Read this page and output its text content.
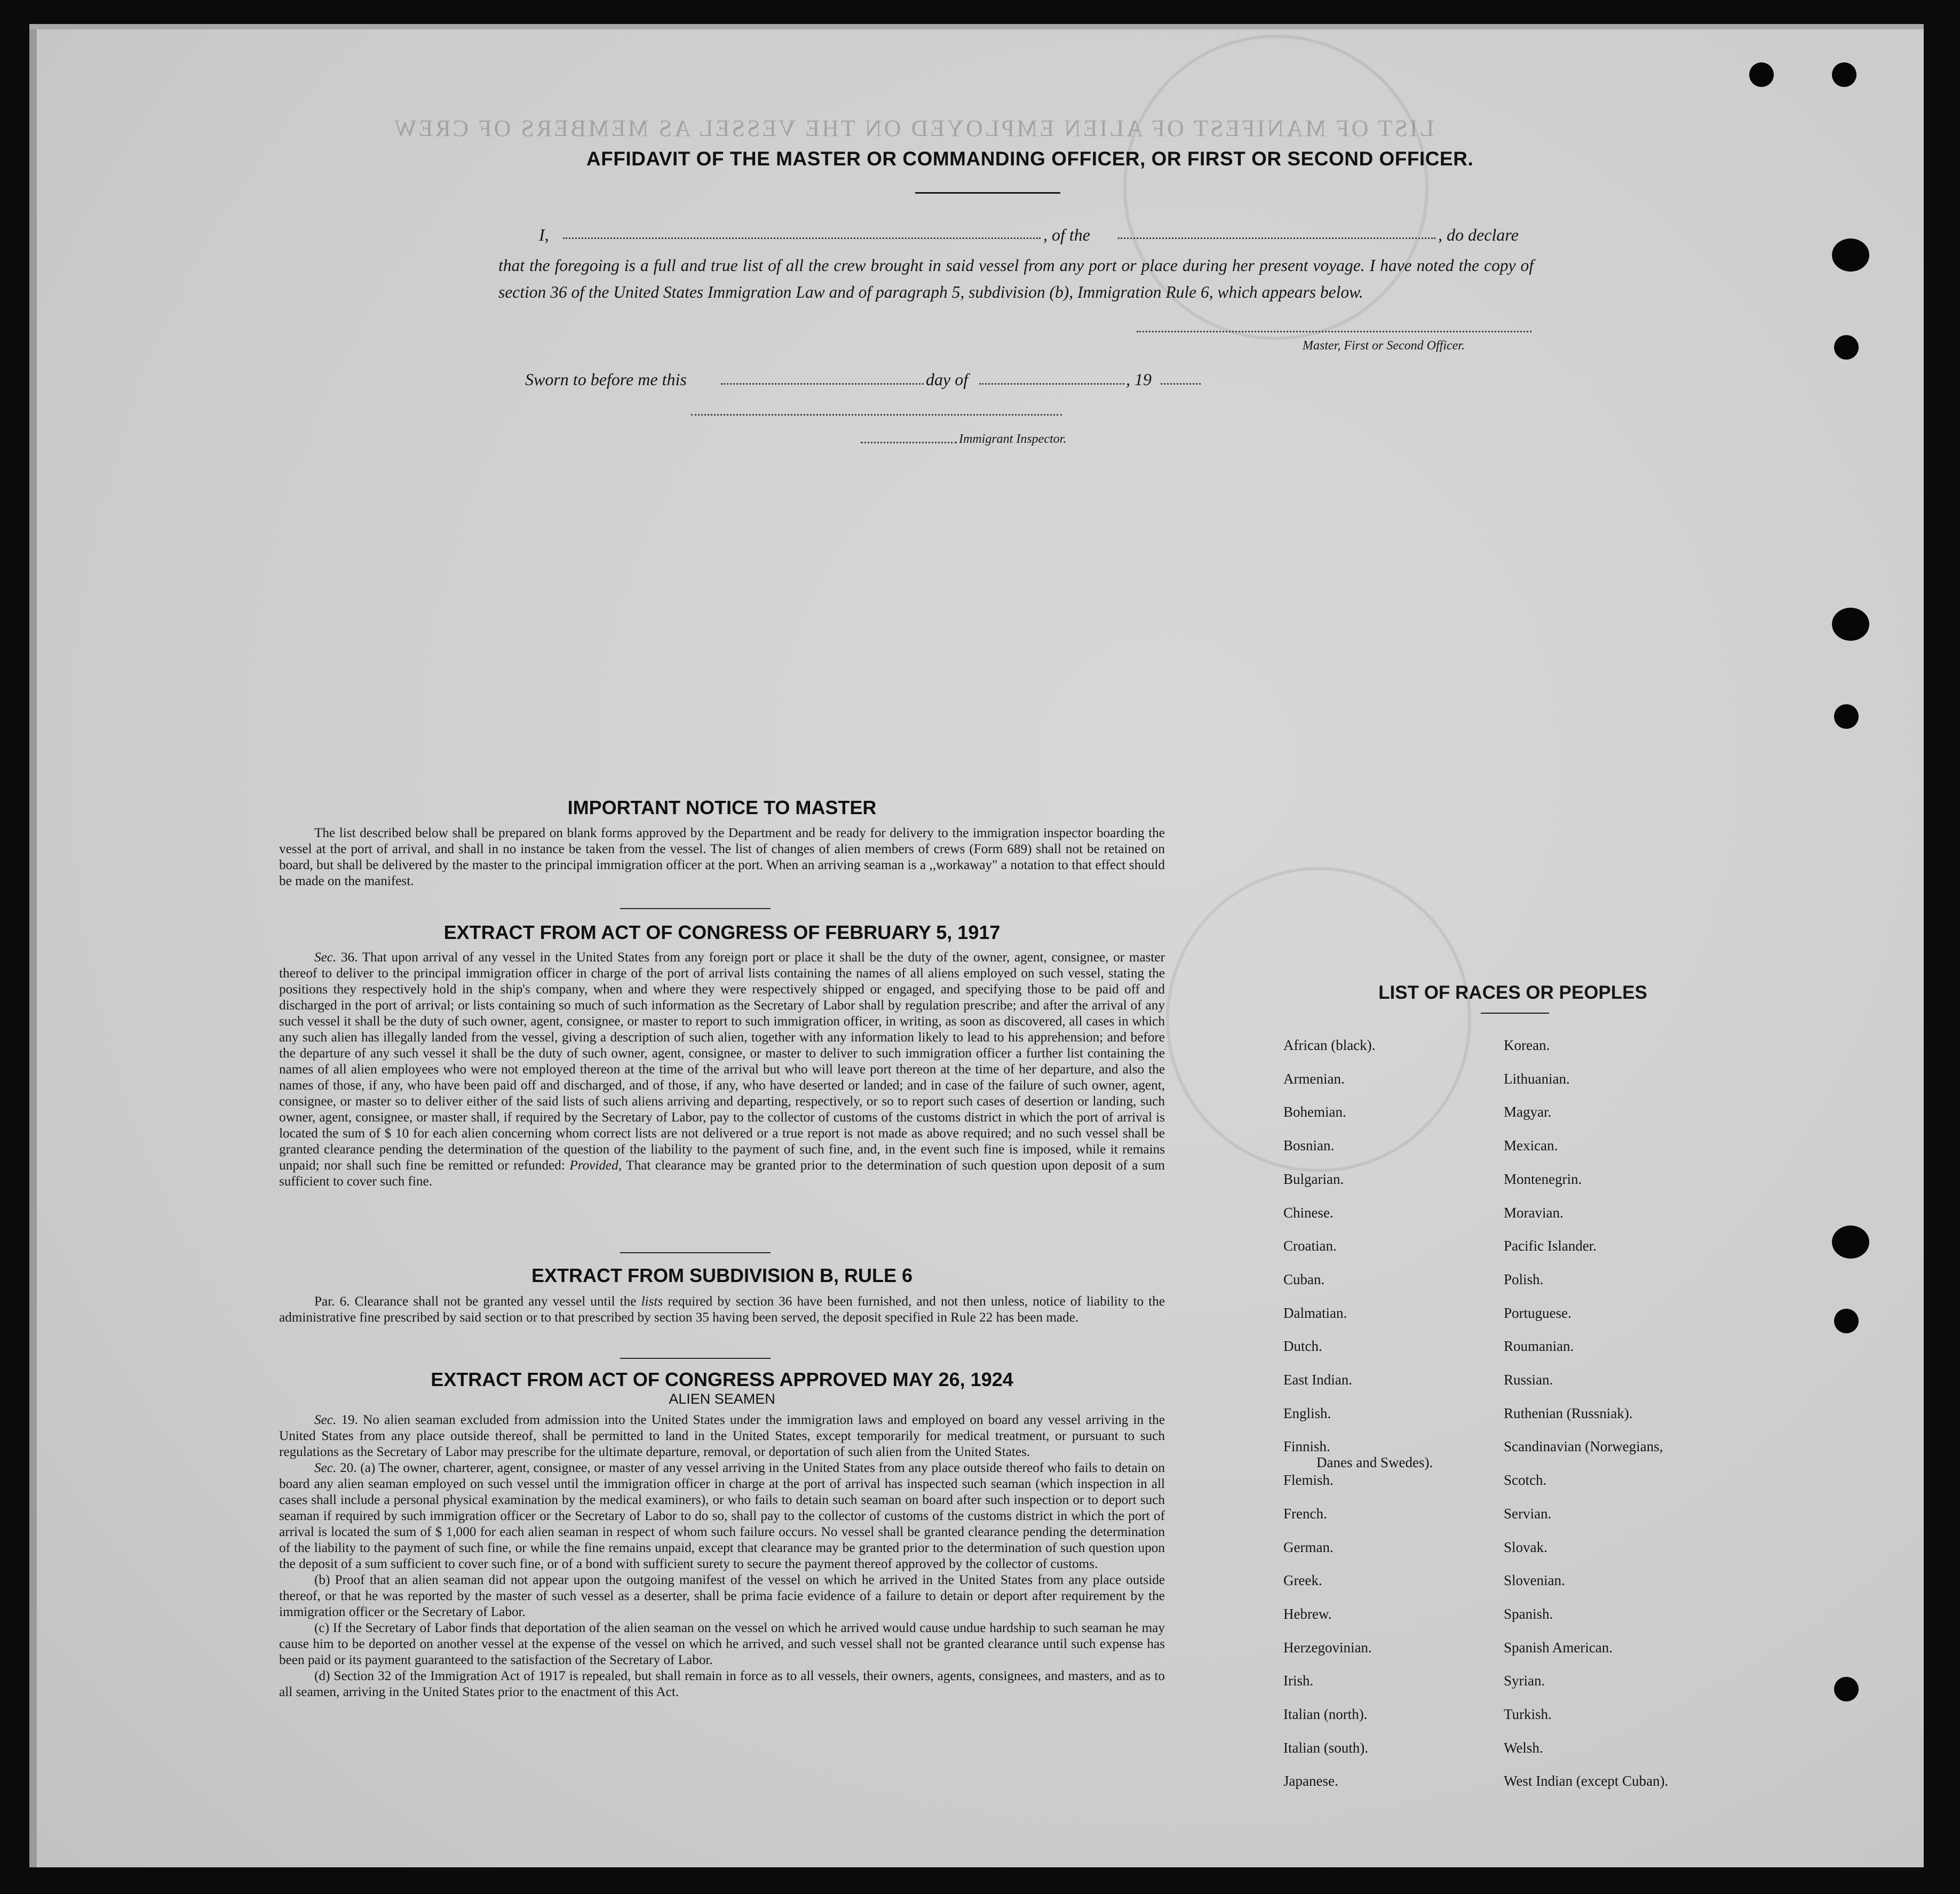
LIST OF MANIFEST OF ALIEN EMPLOYED ON THE VESSEL AS MEMBERS OF CREW
AFFIDAVIT OF THE MASTER OR COMMANDING OFFICER, OR FIRST OR SECOND OFFICER.
I,	, of the	, do declare
that the foregoing is a full and true list of all the crew brought in said vessel from any port or place during her present voyage. I have noted the copy of section 36 of the United States Immigration Law and of paragraph 5, subdivision (b), Immigration Rule 6, which appears below.
Master, First or Second Officer.
Sworn to before me this	day of	, 19
Immigrant Inspector.
IMPORTANT NOTICE TO MASTER

The list described below shall be prepared on blank forms approved by the Department and be ready for delivery to the immigration inspector boarding the vessel at the port of arrival, and shall in no instance be taken from the vessel. The list of changes of alien members of crews (Form 689) shall not be retained on board, but shall be delivered by the master to the principal immigration officer at the port. When an arriving seaman is a ,,workaway" a notation to that effect should be made on the manifest.

EXTRACT FROM ACT OF CONGRESS OF FEBRUARY 5, 1917

Sec. 36. That upon arrival of any vessel in the United States from any foreign port or place it shall be the duty of the owner, agent, consignee, or master thereof to deliver to the principal immigration officer in charge of the port of arrival lists containing the names of all aliens employed on such vessel, stating the positions they respectively hold in the ship's company, when and where they were respectively shipped or engaged, and specifying those to be paid off and discharged in the port of arrival; or lists containing so much of such information as the Secretary of Labor shall by regulation prescribe; and after the arrival of any such vessel it shall be the duty of such owner, agent, consignee, or master to report to such immigration officer, in writing, as soon as discovered, all cases in which any such alien has illegally landed from the vessel, giving a description of such alien, together with any information likely to lead to his apprehension; and before the departure of any such vessel it shall be the duty of such owner, agent, consignee, or master to deliver to such immigration officer a further list containing the names of all alien employees who were not employed thereon at the time of the arrival but who will leave port thereon at the time of her departure, and also the names of those, if any, who have been paid off and discharged, and of those, if any, who have deserted or landed; and in case of the failure of such owner, agent, consignee, or master so to deliver either of the said lists of such aliens arriving and departing, respectively, or so to report such cases of desertion or landing, such owner, agent, consignee, or master shall, if required by the Secretary of Labor, pay to the collector of customs of the customs district in which the port of arrival is located the sum of $ 10 for each alien concerning whom correct lists are not delivered or a true report is not made as above required; and no such vessel shall be granted clearance pending the determination of the question of the liability to the payment of such fine, and, in the event such fine is imposed, while it remains unpaid; nor shall such fine be remitted or refunded: Provided, That clearance may be granted prior to the determination of such question upon deposit of a sum sufficient to cover such fine.

EXTRACT FROM SUBDIVISION B, RULE 6

Par. 6. Clearance shall not be granted any vessel until the lists required by section 36 have been furnished, and not then unless, notice of liability to the administrative fine prescribed by said section or to that prescribed by section 35 having been served, the deposit specified in Rule 22 has been made.

EXTRACT FROM ACT OF CONGRESS APPROVED MAY 26, 1924
ALIEN SEAMEN

Sec. 19. No alien seaman excluded from admission into the United States under the immigration laws and employed on board any vessel arriving in the United States from any place outside thereof, shall be permitted to land in the United States, except temporarily for medical treatment, or pursuant to such regulations as the Secretary of Labor may prescribe for the ultimate departure, removal, or deportation of such alien from the United States.

Sec. 20. (a) The owner, charterer, agent, consignee, or master of any vessel arriving in the United States from any place outside thereof who fails to detain on board any alien seaman employed on such vessel until the immigration officer in charge at the port of arrival has inspected such seaman (which inspection in all cases shall include a personal physical examination by the medical examiners), or who fails to detain such seaman on board after such inspection or to deport such seaman if required by such immigration officer or the Secretary of Labor to do so, shall pay to the collector of customs of the customs district in which the port of arrival is located the sum of $ 1,000 for each alien seaman in respect of whom such failure occurs. No vessel shall be granted clearance pending the determination of the liability to the payment of such fine, or while the fine remains unpaid, except that clearance may be granted prior to the determination of such question upon the deposit of a sum sufficient to cover such fine, or of a bond with sufficient surety to secure the payment thereof approved by the collector of customs.

(b) Proof that an alien seaman did not appear upon the outgoing manifest of the vessel on which he arrived in the United States from any place outside thereof, or that he was reported by the master of such vessel as a deserter, shall be prima facie evidence of a failure to detain or deport after requirement by the immigration officer or the Secretary of Labor.

(c) If the Secretary of Labor finds that deportation of the alien seaman on the vessel on which he arrived would cause undue hardship to such seaman he may cause him to be deported on another vessel at the expense of the vessel on which he arrived, and such vessel shall not be granted clearance until such expense has been paid or its payment guaranteed to the satisfaction of the Secretary of Labor.

(d) Section 32 of the Immigration Act of 1917 is repealed, but shall remain in force as to all vessels, their owners, agents, consignees, and masters, and as to all seamen, arriving in the United States prior to the enactment of this Act.

LIST OF RACES OR PEOPLES
African (black).
Armenian.
Bohemian.
Bosnian.
Bulgarian.
Chinese.
Croatian.
Cuban.
Dalmatian.
Dutch.
East Indian.
English.
Finnish.
Flemish.
French.
German.
Greek.
Hebrew.
Herzegovinian.
Irish.
Italian (north).
Italian (south).
Japanese.
Korean.
Lithuanian.
Magyar.
Mexican.
Montenegrin.
Moravian.
Pacific Islander.
Polish.
Portuguese.
Roumanian.
Russian.
Ruthenian (Russniak).
Scandinavian (Norwegians,
Danes and Swedes).
Scotch.
Servian.
Slovak.
Slovenian.
Spanish.
Spanish American.
Syrian.
Turkish.
Welsh.
West Indian (except Cuban).
